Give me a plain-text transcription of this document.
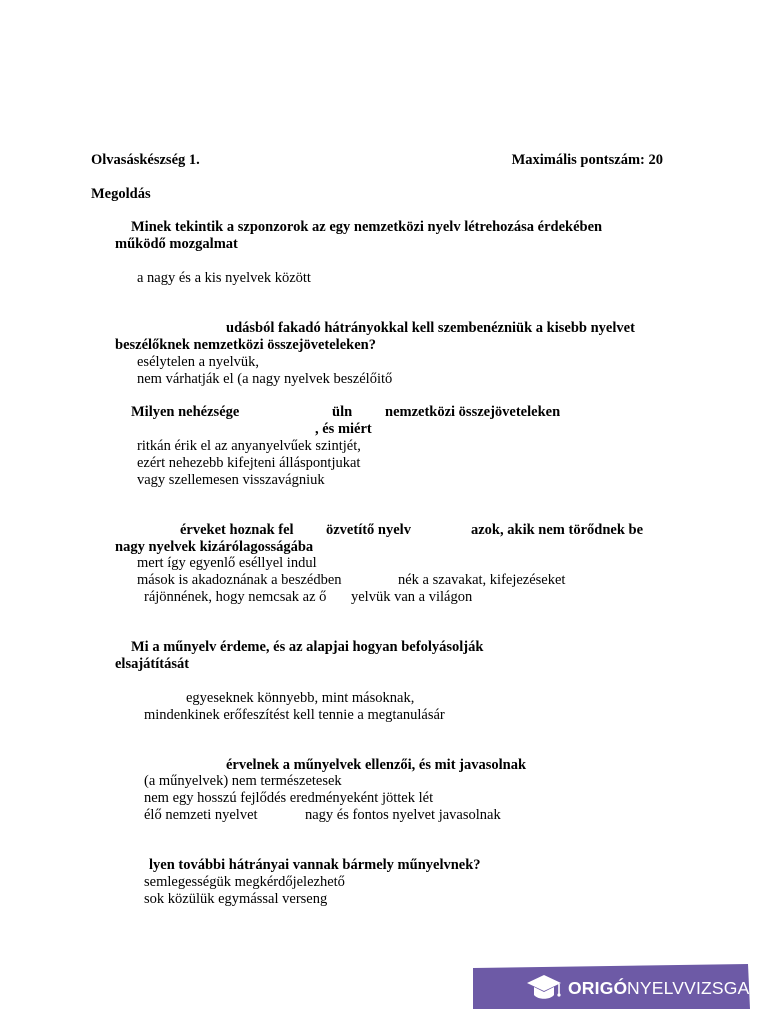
Olvasáskészség 1.	Maximális pontszám: 20
Megoldás
Minek tekintik a szponzorok az egy nemzetközi nyelv létrehozása érdekében
működő mozgalmat
a nagy és a kis nyelvek között
udásból fakadó hátrányokkal kell szembenézniük a kisebb nyelvet
beszélőknek nemzetközi összejöveteleken?
esélytelen a nyelvük,
nem várhatják el (a nagy nyelvek beszélőitő
Milyen nehézsége	üln nemzetközi összejöveteleken
, és miért
ritkán érik el az anyanyelvűek szintjét,
ezért nehezebb kifejteni álláspontjukat
vagy szellemesen visszavágniuk
érveket hoznak fel özvetítő nyelv	azok, akik nem törődnek be
nagy nyelvek kizárólagosságába
mert így egyenlő eséllyel indul
mások is akadoznának a beszédben	nék a szavakat, kifejezéseket
rájönnének, hogy nemcsak az ő yelvük van a világon
Mi a műnyelv érdeme, és az alapjai hogyan befolyásolják
elsajátítását
egyeseknek könnyebb, mint másoknak,
mindenkinek erőfeszítést kell tennie a megtanulásár
érvelnek a műnyelvek ellenzői, és mit javasolnak
(a műnyelvek) nem természetesek
nem egy hosszú fejlődés eredményeként jöttek lét
élő nemzeti nyelvet	nagy és fontos nyelvet javasolnak
lyen további hátrányai vannak bármely műnyelvnek?
semlegességük megkérdőjelezhető
sok közülük egymással verseng
ORIGÓ NYELVVIZSGA
